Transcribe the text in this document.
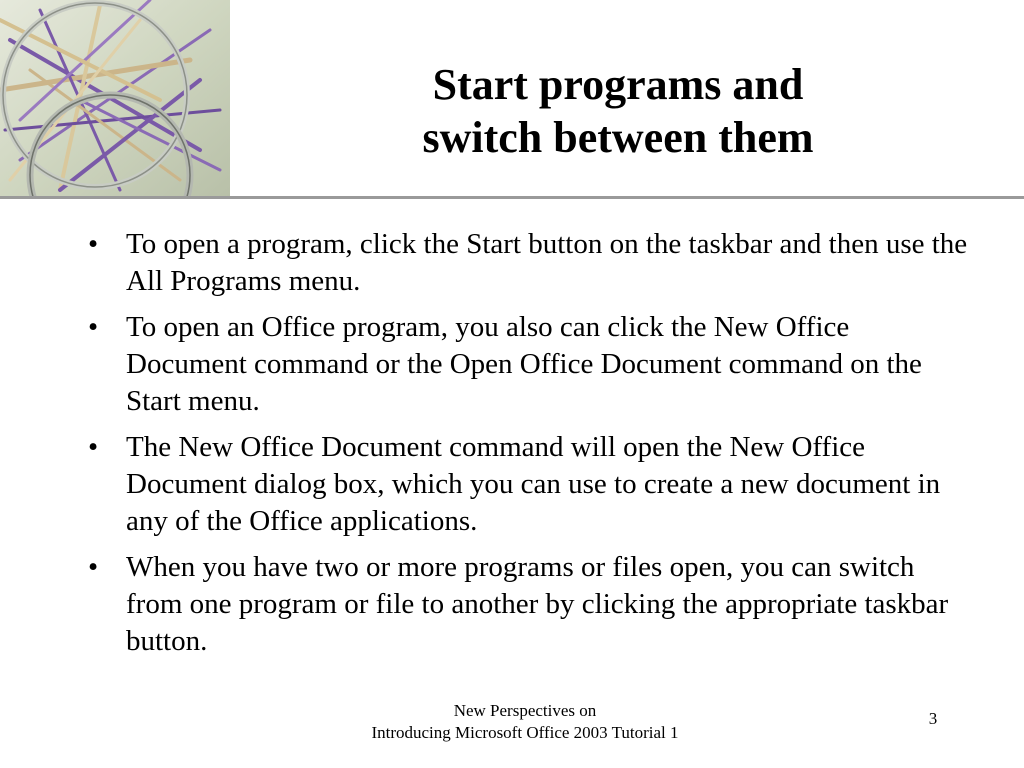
Start programs and
switch between them
• To open a program, click the Start button on the taskbar and then use the All Programs menu.
• To open an Office program, you also can click the New Office Document command or the Open Office Document command on the Start menu.
• The New Office Document command will open the New Office Document dialog box, which you can use to create a new document in any of the Office applications.
• When you have two or more programs or files open, you can switch from one program or file to another by clicking the appropriate taskbar button.
New Perspectives on
Introducing Microsoft Office 2003 Tutorial 1
3
